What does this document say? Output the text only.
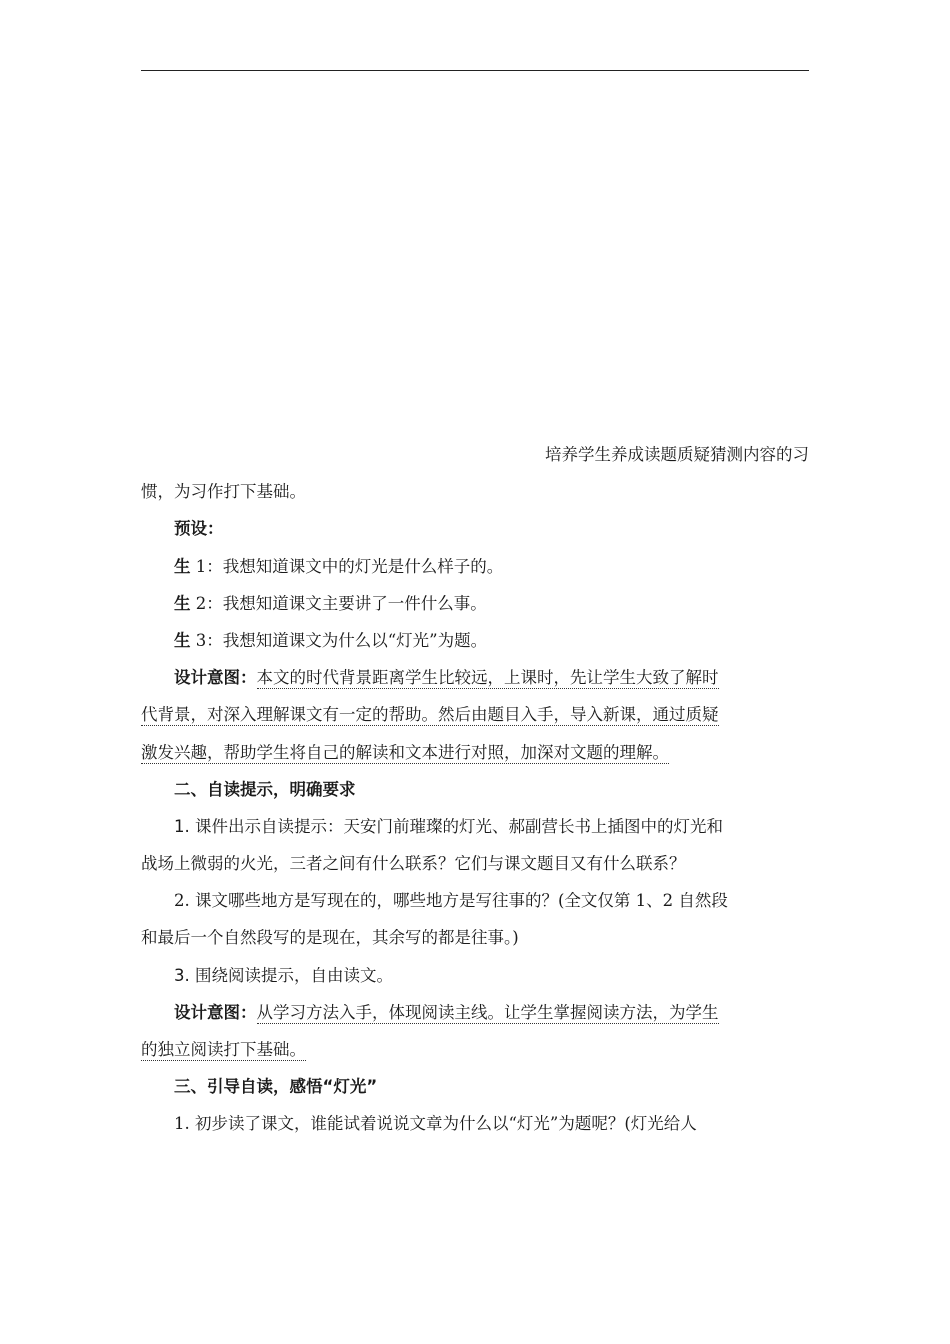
培养学生养成读题质疑猜测内容的习
惯，为习作打下基础。
预设：
生 1：我想知道课文中的灯光是什么样子的。
生 2：我想知道课文主要讲了一件什么事。
生 3：我想知道课文为什么以“灯光”为题。
设计意图：本文的时代背景距离学生比较远，上课时，先让学生大致了解时
代背景，对深入理解课文有一定的帮助。然后由题目入手，导入新课，通过质疑
激发兴趣，帮助学生将自己的解读和文本进行对照，加深对文题的理解。
二、自读提示，明确要求
1. 课件出示自读提示：天安门前璀璨的灯光、郝副营长书上插图中的灯光和
战场上微弱的火光，三者之间有什么联系？它们与课文题目又有什么联系？
2. 课文哪些地方是写现在的，哪些地方是写往事的？(全文仅第 1、2 自然段
和最后一个自然段写的是现在，其余写的都是往事。)
3. 围绕阅读提示，自由读文。
设计意图：从学习方法入手，体现阅读主线。让学生掌握阅读方法，为学生
的独立阅读打下基础。
三、引导自读，感悟“灯光”
1. 初步读了课文，谁能试着说说文章为什么以“灯光”为题呢？(灯光给人
